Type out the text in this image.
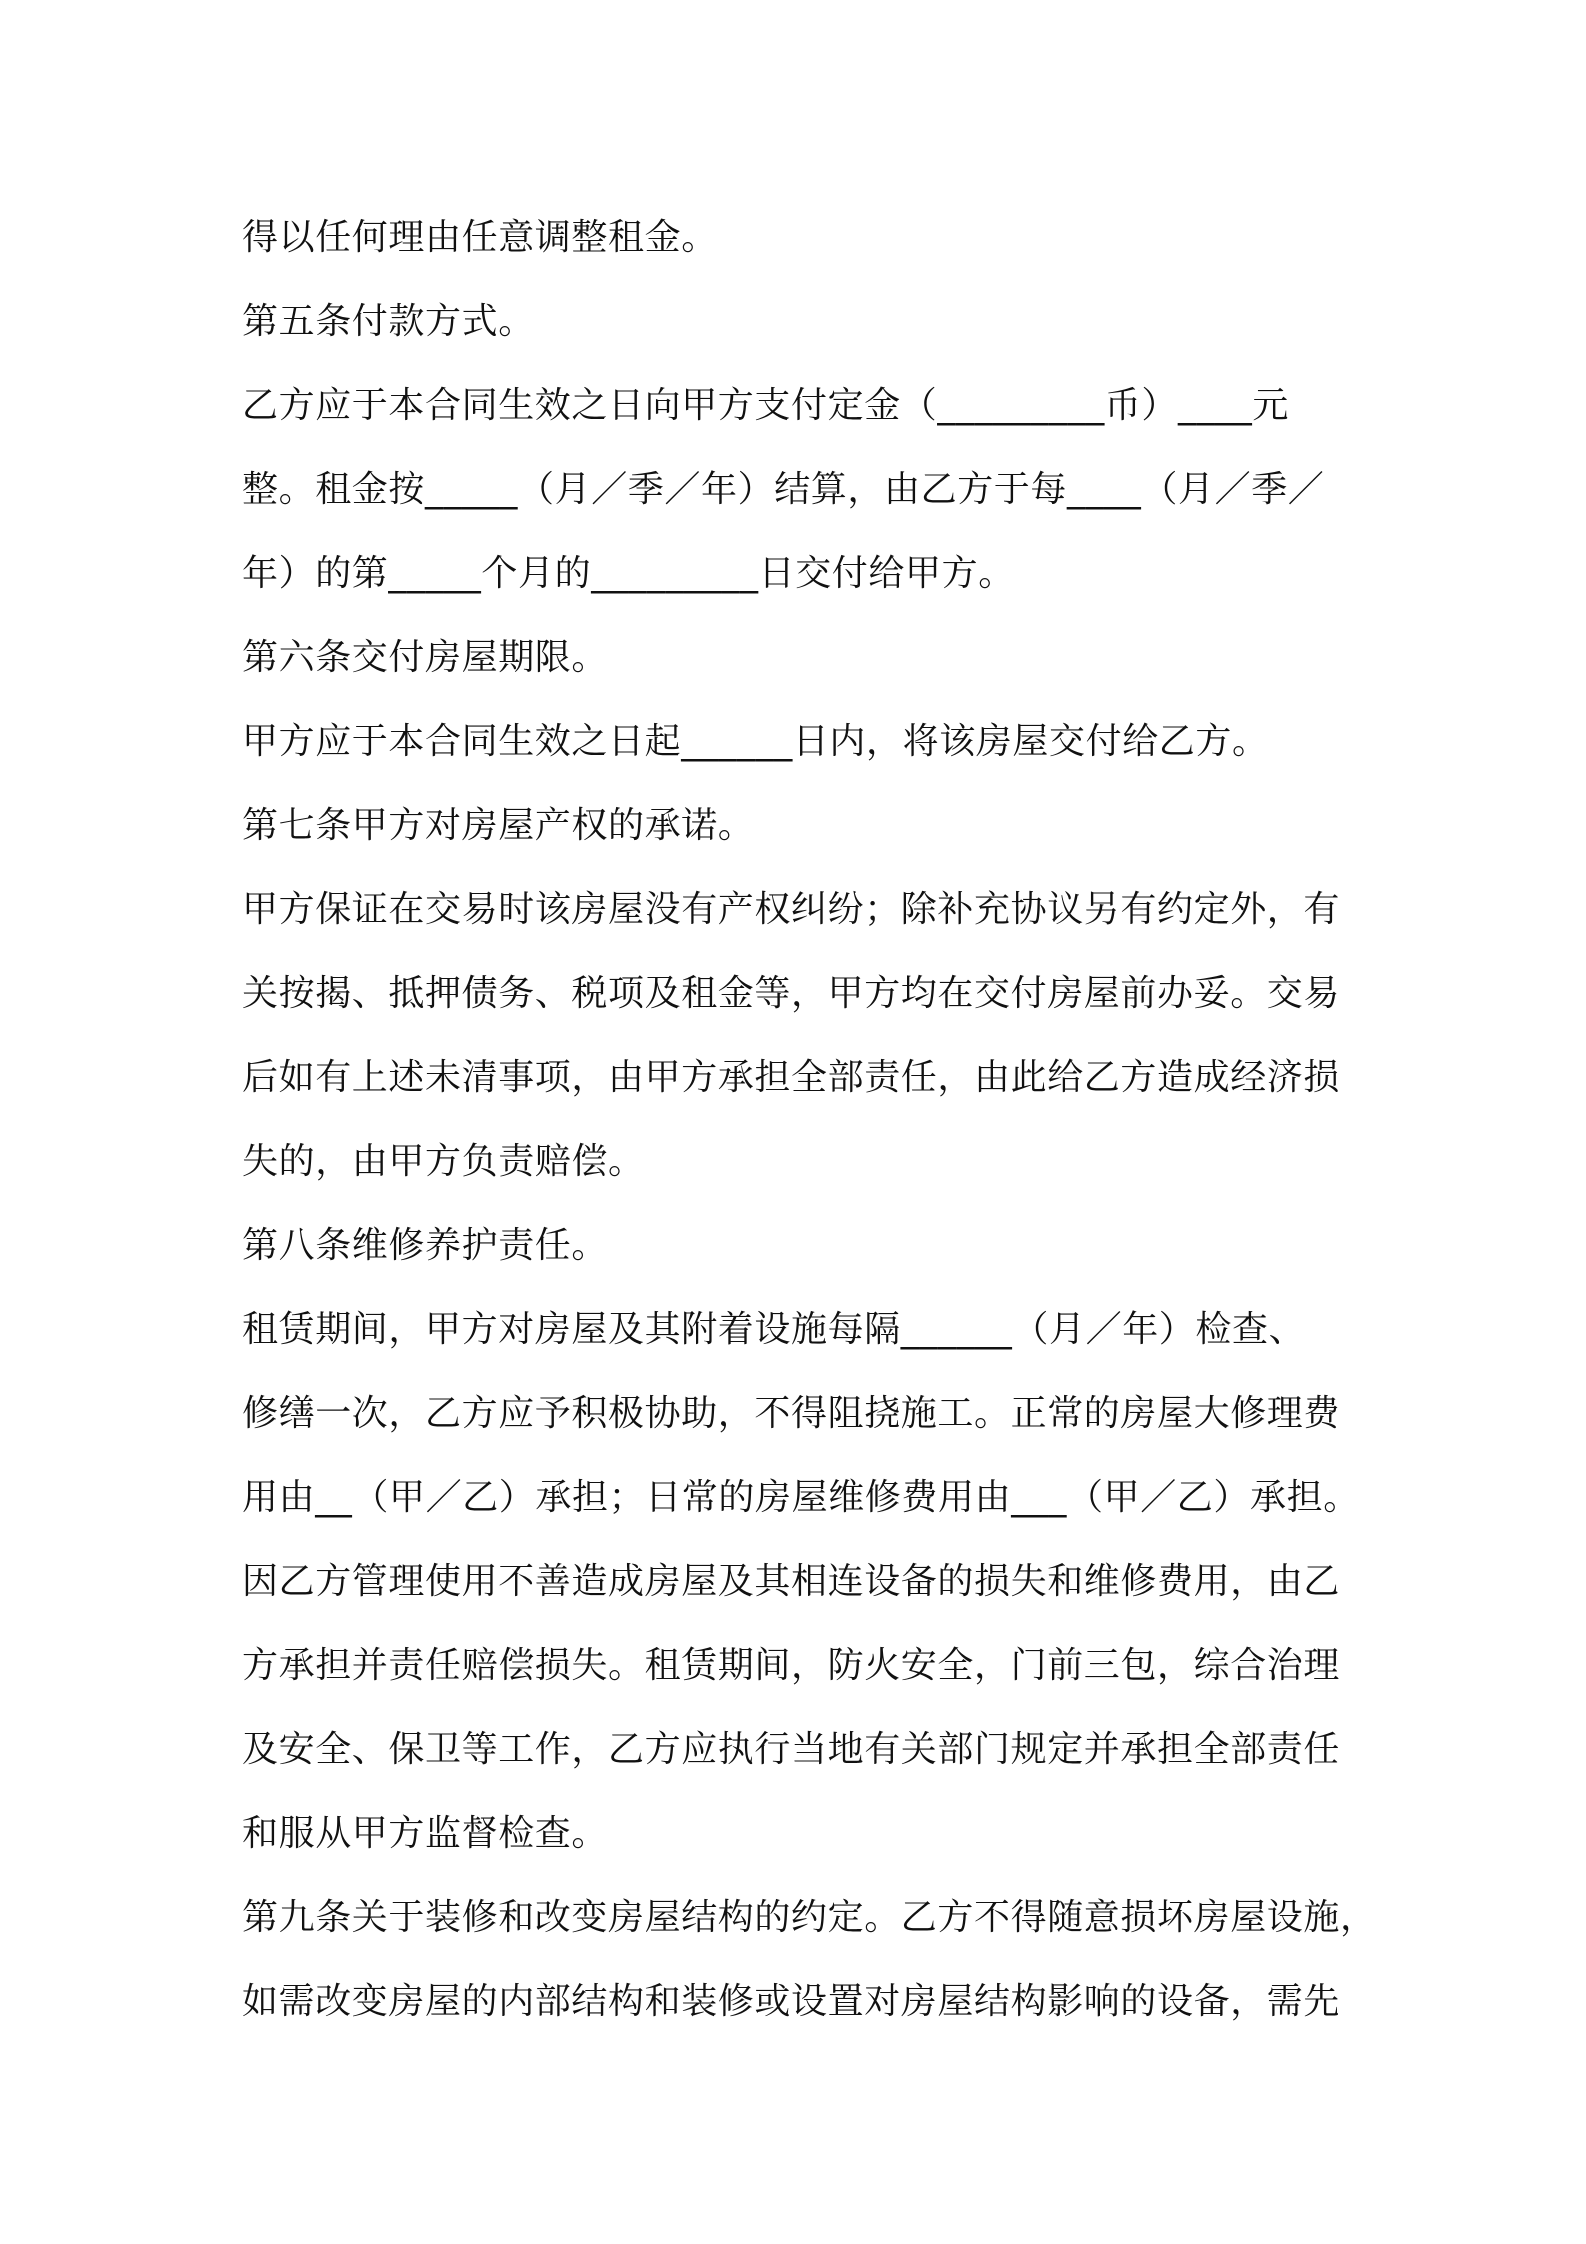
得以任何理由任意调整租金。
第五条付款方式。
乙方应于本合同生效之日向甲方支付定金（_________币）____元
整。租金按_____（月／季／年）结算，由乙方于每____（月／季／
年）的第_____个月的_________日交付给甲方。
第六条交付房屋期限。
甲方应于本合同生效之日起______日内，将该房屋交付给乙方。
第七条甲方对房屋产权的承诺。
甲方保证在交易时该房屋没有产权纠纷；除补充协议另有约定外，有
关按揭、抵押债务、税项及租金等，甲方均在交付房屋前办妥。交易
后如有上述未清事项，由甲方承担全部责任，由此给乙方造成经济损
失的，由甲方负责赔偿。
第八条维修养护责任。
租赁期间，甲方对房屋及其附着设施每隔______（月／年）检查、
修缮一次，乙方应予积极协助，不得阻挠施工。正常的房屋大修理费
用由__（甲／乙）承担；日常的房屋维修费用由___（甲／乙）承担。
因乙方管理使用不善造成房屋及其相连设备的损失和维修费用，由乙
方承担并责任赔偿损失。租赁期间，防火安全，门前三包，综合治理
及安全、保卫等工作，乙方应执行当地有关部门规定并承担全部责任
和服从甲方监督检查。
第九条关于装修和改变房屋结构的约定。乙方不得随意损坏房屋设施，
如需改变房屋的内部结构和装修或设置对房屋结构影响的设备，需先
